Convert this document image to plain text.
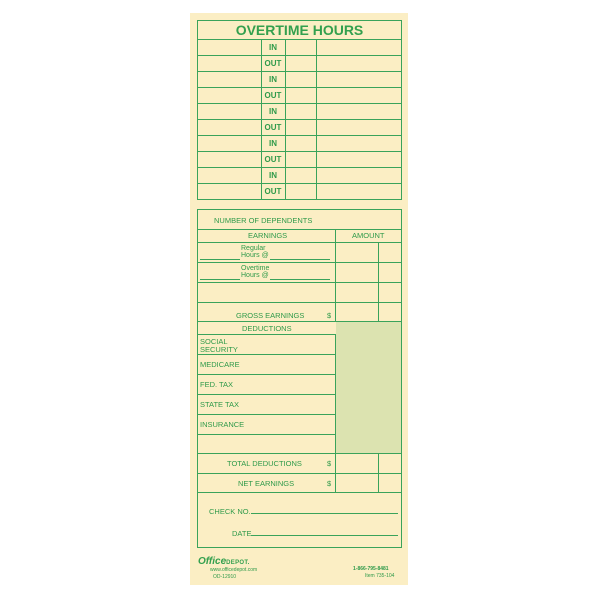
OVERTIME HOURS
IN
OUT
IN
OUT
IN
OUT
IN
OUT
IN
OUT
NUMBER OF DEPENDENTS
EARNINGS	AMOUNT
Regular
Hours @
Overtime
Hours @
GROSS EARNINGS	$
DEDUCTIONS
SOCIAL
SECURITY
MEDICARE
FED. TAX
STATE TAX
INSURANCE
TOTAL DEDUCTIONS	$
NET EARNINGS	$
CHECK NO.
DATE
OfficeDEPOT.
www.officedepot.com
OD-12910
1-866-795-8481
Item 735-104
